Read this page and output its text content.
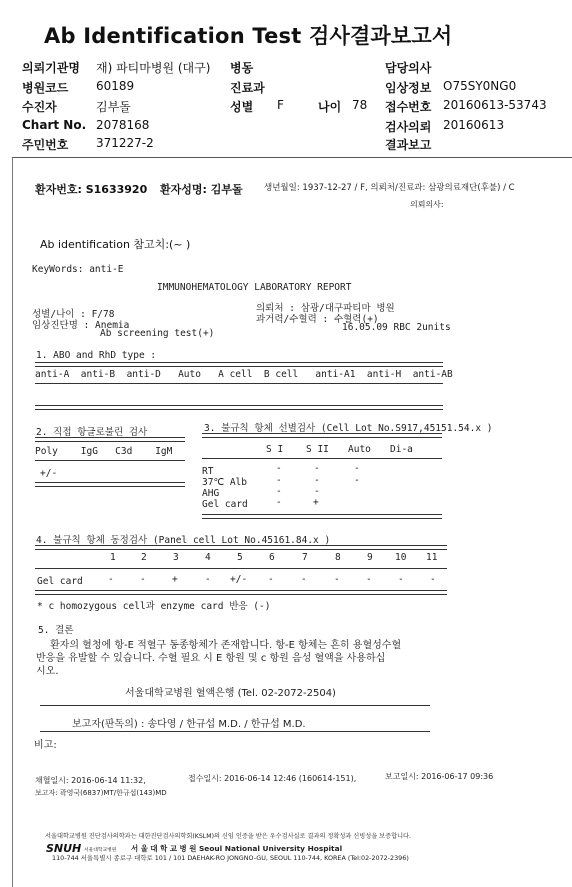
Ab Identification Test 검사결과보고서
의뢰기관명 재) 파티마병원 (대구) 병동	담당의사
병원코드 60189	진료과	임상정보 O75SY0NG0
수진자	김부돌	성별 F	나이 78 접수번호 20160613-53743
Chart No. 2078168	검사의뢰 20160613
주민번호 371227-2	결과보고
환자번호: S1633920 환자성명: 김부돌	생년월일: 1937-12-27 / F, 의뢰처/진료과: 삼광의료재단(후불) / C
의뢰의사:
Ab identification 참고치:(~ )
KeyWords: anti-E
IMMUNOHEMATOLOGY LABORATORY REPORT
성별/나이 : F/78
임상진단명 : Anemia
Ab screening test(+)
의뢰처 : 삼광/대구파티마 병원
과거력/수혈력 : 수혈력(+)
16.05.09 RBC 2units
1. ABO and RhD type :
anti-A anti-B anti-D Auto A cell B cell anti-A1 anti-H anti-AB
2. 직접 항글로불린 검사
Poly IgG C3d IgM
+/-
3. 불규칙 항체 선별검사 (Cell Lot No.S917,45151.54.x )
S I S II Auto Di-a
RT	-	-	-
37℃ Alb	-	-	-
AHG	-	-
Gel card	-	+
4. 불규칙 항체 동정검사 (Panel cell Lot No.45161.84.x )
1	2	3	4	5	6	7	8	9 10 11
Gel card	-	-	+	- +/- -	-	-	-	-	-
* c homozygous cell과 enzyme card 반응 (-)
5. 결론
환자의 혈청에 항-E 적혈구 동종항체가 존재합니다. 항-E 항체는 흔히 용혈성수혈
반응을 유발할 수 있습니다. 수혈 필요 시 E 항원 및 c 항원 음성 혈액을 사용하십
시오.
서울대학교병원 혈액은행 (Tel. 02-2072-2504)
보고자(판독의) : 송다영 / 한규섭 M.D. / 한규섭 M.D.
비고:
채혈일시: 2016-06-14 11:32,	접수일시: 2016-06-14 12:46 (160614-151),	보고일시: 2016-06-17 09:36
보고자: 곽영국(6837)MT/한규섭(143)MD
서울대학교병원 진단검사의학과는 대한진단검사의학회(KSLM)의 신임 인증을 받은 우수검사실로 결과의 정확성과 신빙성을 보증합니다.
SNUH 서울대학교병원 서 울 대 학 교 병 원 Seoul National University Hospital
110-744 서울특별시 종로구 대학로 101 / 101 DAEHAK-RO JONGNO-GU, SEOUL 110-744, KOREA (Tel:02-2072-2396)
